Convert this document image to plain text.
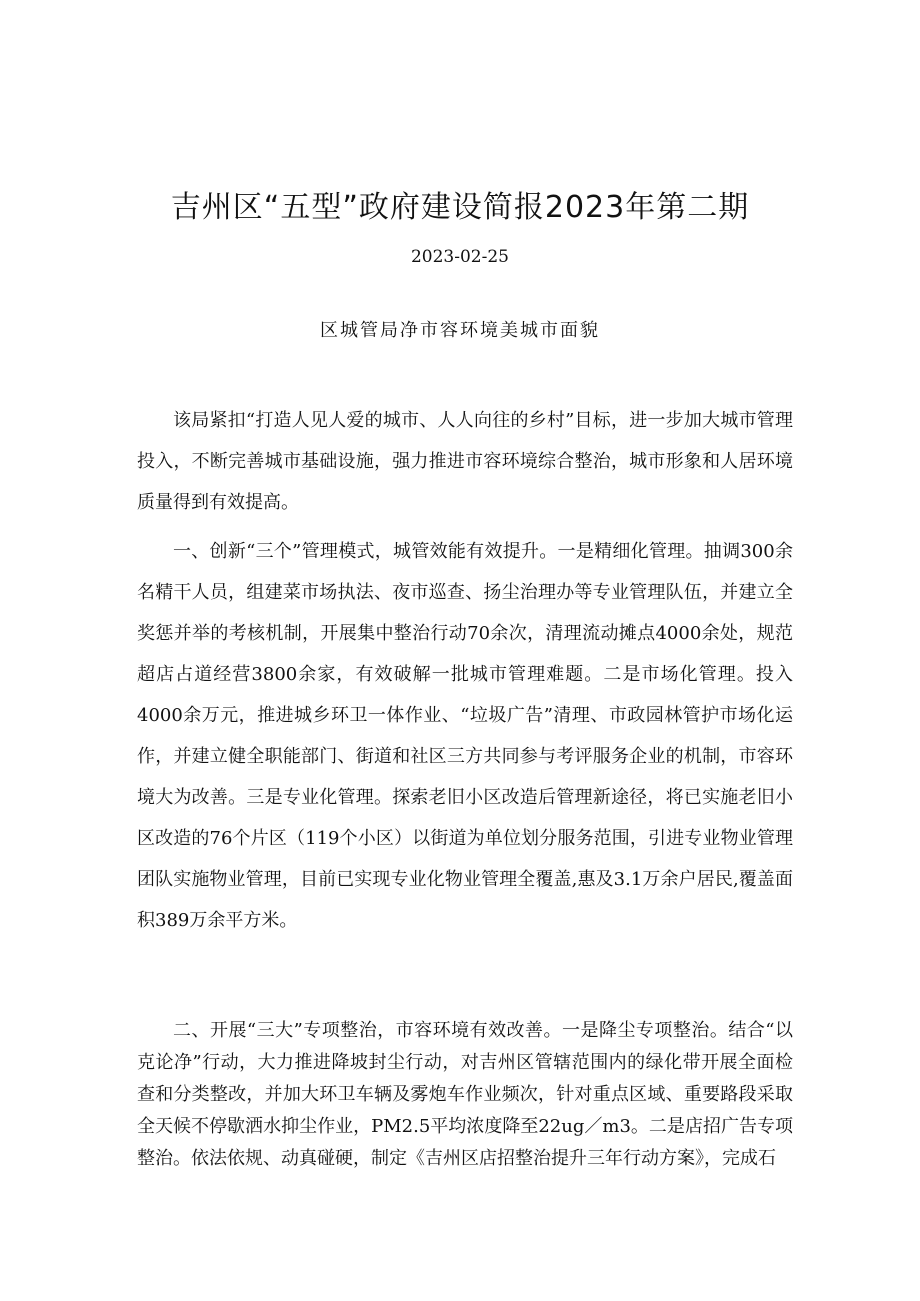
吉州区“五型”政府建设简报2023年第二期
2023-02-25
区城管局净市容环境美城市面貌

该局紧扣“打造人见人爱的城市、人人向往的乡村”目标，进一步加大城市管理投入，不断完善城市基础设施，强力推进市容环境综合整治，城市形象和人居环境质量得到有效提高。

一、创新“三个”管理模式，城管效能有效提升。一是精细化管理。抽调300余名精干人员，组建菜市场执法、夜市巡查、扬尘治理办等专业管理队伍，并建立全奖惩并举的考核机制，开展集中整治行动70余次，清理流动摊点4000余处，规范超店占道经营3800余家，有效破解一批城市管理难题。二是市场化管理。投入4000余万元，推进城乡环卫一体作业、“垃圾广告”清理、市政园林管护市场化运作，并建立健全职能部门、街道和社区三方共同参与考评服务企业的机制，市容环境大为改善。三是专业化管理。探索老旧小区改造后管理新途径，将已实施老旧小区改造的76个片区（119个小区）以街道为单位划分服务范围，引进专业物业管理团队实施物业管理，目前已实现专业化物业管理全覆盖,惠及3.1万余户居民,覆盖面积389万余平方米。

二、开展“三大”专项整治，市容环境有效改善。一是降尘专项整治。结合“以克论净”行动，大力推进降坡封尘行动，对吉州区管辖范围内的绿化带开展全面检查和分类整改，并加大环卫车辆及雾炮车作业频次，针对重点区域、重要路段采取全天候不停歇洒水抑尘作业，PM2.5平均浓度降至22ug／m3。二是店招广告专项整治。依法依规、动真碰硬，制定《吉州区店招整治提升三年行动方案》，完成石
